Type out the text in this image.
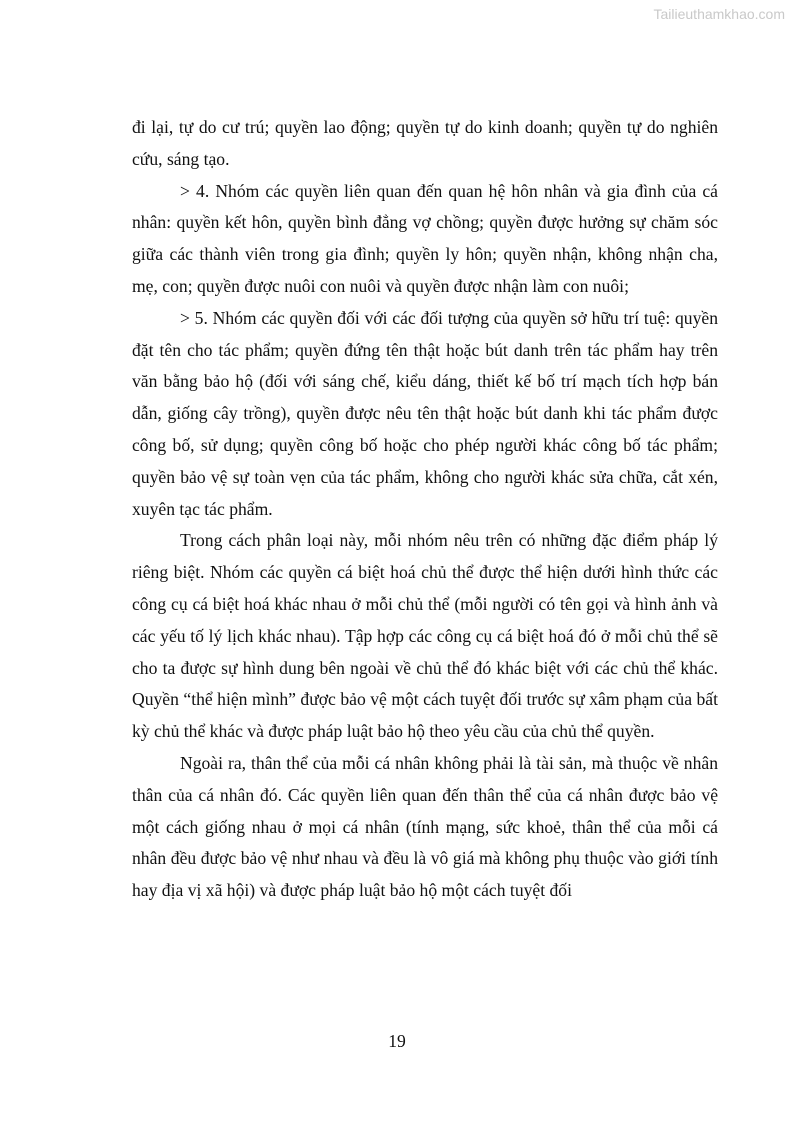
Tailieuthamkhao.com

đi lại, tự do cư trú; quyền lao động; quyền tự do kinh doanh; quyền tự do nghiên cứu, sáng tạo.

> 4. Nhóm các quyền liên quan đến quan hệ hôn nhân và gia đình của cá nhân: quyền kết hôn, quyền bình đẳng vợ chồng; quyền được hưởng sự chăm sóc giữa các thành viên trong gia đình; quyền ly hôn; quyền nhận, không nhận cha, mẹ, con; quyền được nuôi con nuôi và quyền được nhận làm con nuôi;

> 5. Nhóm các quyền đối với các đối tượng của quyền sở hữu trí tuệ: quyền đặt tên cho tác phẩm; quyền đứng tên thật hoặc bút danh trên tác phẩm hay trên văn bằng bảo hộ (đối với sáng chế, kiểu dáng, thiết kế bố trí mạch tích hợp bán dẫn, giống cây trồng), quyền được nêu tên thật hoặc bút danh khi tác phẩm được công bố, sử dụng; quyền công bố hoặc cho phép người khác công bố tác phẩm; quyền bảo vệ sự toàn vẹn của tác phẩm, không cho người khác sửa chữa, cắt xén, xuyên tạc tác phẩm.

Trong cách phân loại này, mỗi nhóm nêu trên có những đặc điểm pháp lý riêng biệt. Nhóm các quyền cá biệt hoá chủ thể được thể hiện dưới hình thức các công cụ cá biệt hoá khác nhau ở mỗi chủ thể (mỗi người có tên gọi và hình ảnh và các yếu tố lý lịch khác nhau). Tập hợp các công cụ cá biệt hoá đó ở mỗi chủ thể sẽ cho ta được sự hình dung bên ngoài về chủ thể đó khác biệt với các chủ thể khác. Quyền “thể hiện mình” được bảo vệ một cách tuyệt đối trước sự xâm phạm của bất kỳ chủ thể khác và được pháp luật bảo hộ theo yêu cầu của chủ thể quyền.

Ngoài ra, thân thể của mỗi cá nhân không phải là tài sản, mà thuộc về nhân thân của cá nhân đó. Các quyền liên quan đến thân thể của cá nhân được bảo vệ một cách giống nhau ở mọi cá nhân (tính mạng, sức khoẻ, thân thể của mỗi cá nhân đều được bảo vệ như nhau và đều là vô giá mà không phụ thuộc vào giới tính hay địa vị xã hội) và được pháp luật bảo hộ một cách tuyệt đối

19
